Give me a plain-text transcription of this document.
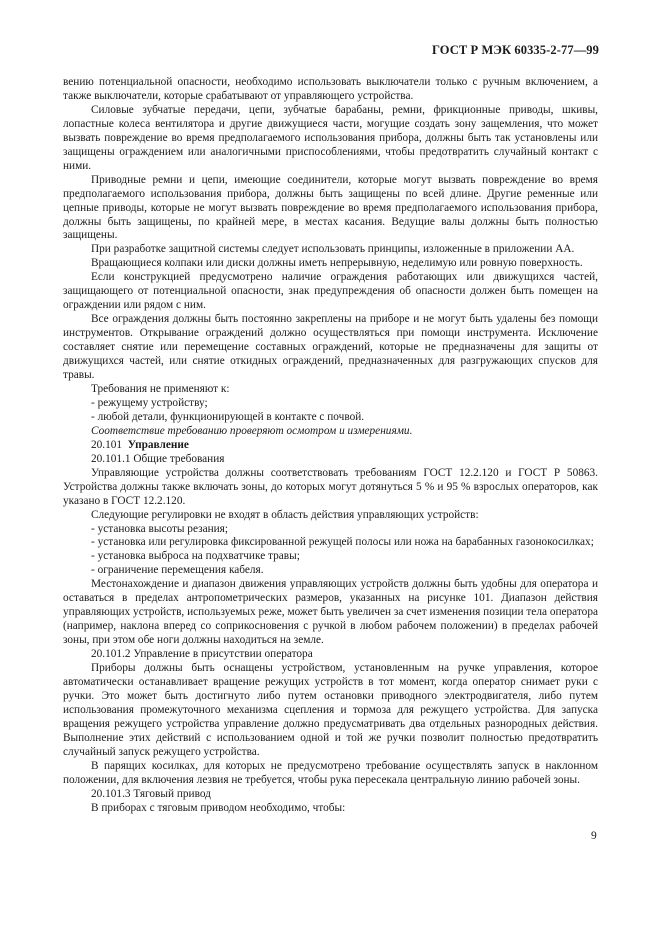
ГОСТ Р МЭК 60335-2-77—99

вению потенциальной опасности, необходимо использовать выключатели только с ручным включением, а также выключатели, которые срабатывают от управляющего устройства.

Силовые зубчатые передачи, цепи, зубчатые барабаны, ремни, фрикционные приводы, шкивы, лопастные колеса вентилятора и другие движущиеся части, могущие создать зону защемления, что может вызвать повреждение во время предполагаемого использования прибора, должны быть так установлены или защищены ограждением или аналогичными приспособлениями, чтобы предотвратить случайный контакт с ними.

Приводные ремни и цепи, имеющие соединители, которые могут вызвать повреждение во время предполагаемого использования прибора, должны быть защищены по всей длине. Другие ременные или цепные приводы, которые не могут вызвать повреждение во время предполагаемого использования прибора, должны быть защищены, по крайней мере, в местах касания. Ведущие валы должны быть полностью защищены.

При разработке защитной системы следует использовать принципы, изложенные в приложении АА.

Вращающиеся колпаки или диски должны иметь непрерывную, неделимую или ровную поверхность.

Если конструкцией предусмотрено наличие ограждения работающих или движущихся частей, защищающего от потенциальной опасности, знак предупреждения об опасности должен быть помещен на ограждении или рядом с ним.

Все ограждения должны быть постоянно закреплены на приборе и не могут быть удалены без помощи инструментов. Открывание ограждений должно осуществляться при помощи инструмента. Исключение составляет снятие или перемещение составных ограждений, которые не предназначены для защиты от движущихся частей, или снятие откидных ограждений, предназначенных для разгружающих спусков для травы.

Требования не применяют к:

- режущему устройству;

- любой детали, функционирующей в контакте с почвой.

Соответствие требованию проверяют осмотром и измерениями.

20.101 Управление

20.101.1 Общие требования

Управляющие устройства должны соответствовать требованиям ГОСТ 12.2.120 и ГОСТ Р 50863. Устройства должны также включать зоны, до которых могут дотянуться 5 % и 95 % взрослых операторов, как указано в ГОСТ 12.2.120.

Следующие регулировки не входят в область действия управляющих устройств:

- установка высоты резания;

- установка или регулировка фиксированной режущей полосы или ножа на барабанных газонокосилках;

- установка выброса на подхватчике травы;

- ограничение перемещения кабеля.

Местонахождение и диапазон движения управляющих устройств должны быть удобны для оператора и оставаться в пределах антропометрических размеров, указанных на рисунке 101. Диапазон действия управляющих устройств, используемых реже, может быть увеличен за счет изменения позиции тела оператора (например, наклона вперед со соприкосновения с ручкой в любом рабочем положении) в пределах рабочей зоны, при этом обе ноги должны находиться на земле.

20.101.2 Управление в присутствии оператора

Приборы должны быть оснащены устройством, установленным на ручке управления, которое автоматически останавливает вращение режущих устройств в тот момент, когда оператор снимает руки с ручки. Это может быть достигнуто либо путем остановки приводного электродвигателя, либо путем использования промежуточного механизма сцепления и тормоза для режущего устройства. Для запуска вращения режущего устройства управление должно предусматривать два отдельных разнородных действия. Выполнение этих действий с использованием одной и той же ручки позволит полностью предотвратить случайный запуск режущего устройства.

В парящих косилках, для которых не предусмотрено требование осуществлять запуск в наклонном положении, для включения лезвия не требуется, чтобы рука пересекала центральную линию рабочей зоны.

20.101.3 Тяговый привод

В приборах с тяговым приводом необходимо, чтобы:

9
